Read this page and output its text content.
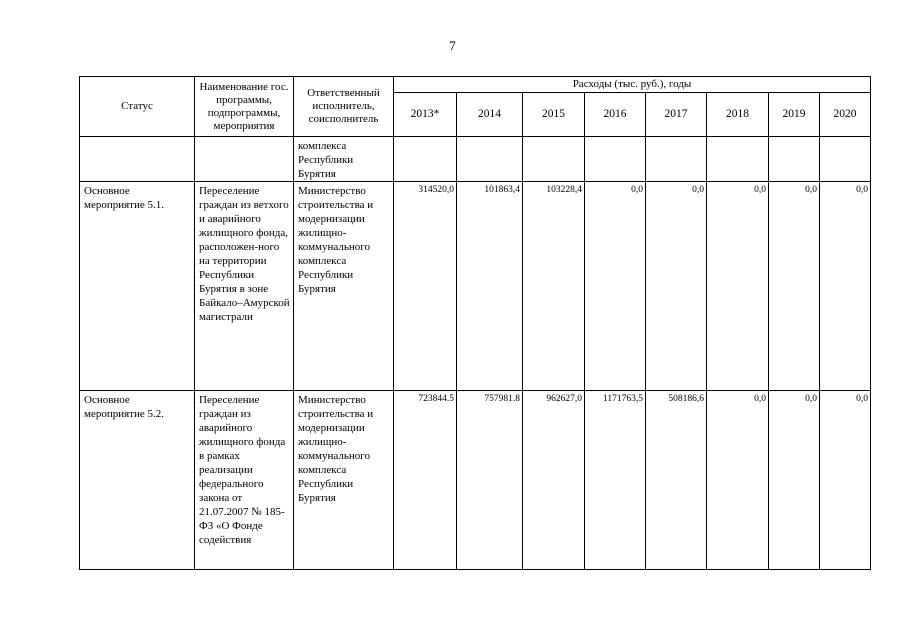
7
Статус	Наименование гос. программы, подпрограммы, мероприятия	Ответственный исполнитель, соисполнитель	Расходы (тыс. руб.), годы							
			2013*	2014	2015	2016	2017	2018	2019	2020
		комплекса Республики Бурятия								
Основное мероприятие 5.1.	Переселение граждан из ветхого и аварийного жилищного фонда, расположен-ного на территории Республики Бурятия в зоне Байкало–Амурской магистрали	Министерство строительства и модернизации жилищно-коммунального комплекса Республики Бурятия	314520,0	101863,4	103228,4	0,0	0,0	0,0	0,0	0,0
Основное мероприятие 5.2.	Переселение граждан из аварийного жилищного фонда в рамках реализации федерального закона от 21.07.2007 № 185-ФЗ «О Фонде содействия	Министерство строительства и модернизации жилищно-коммунального комплекса Республики Бурятия	723844.5	757981.8	962627,0	1171763,5	508186,6	0,0	0,0	0,0
